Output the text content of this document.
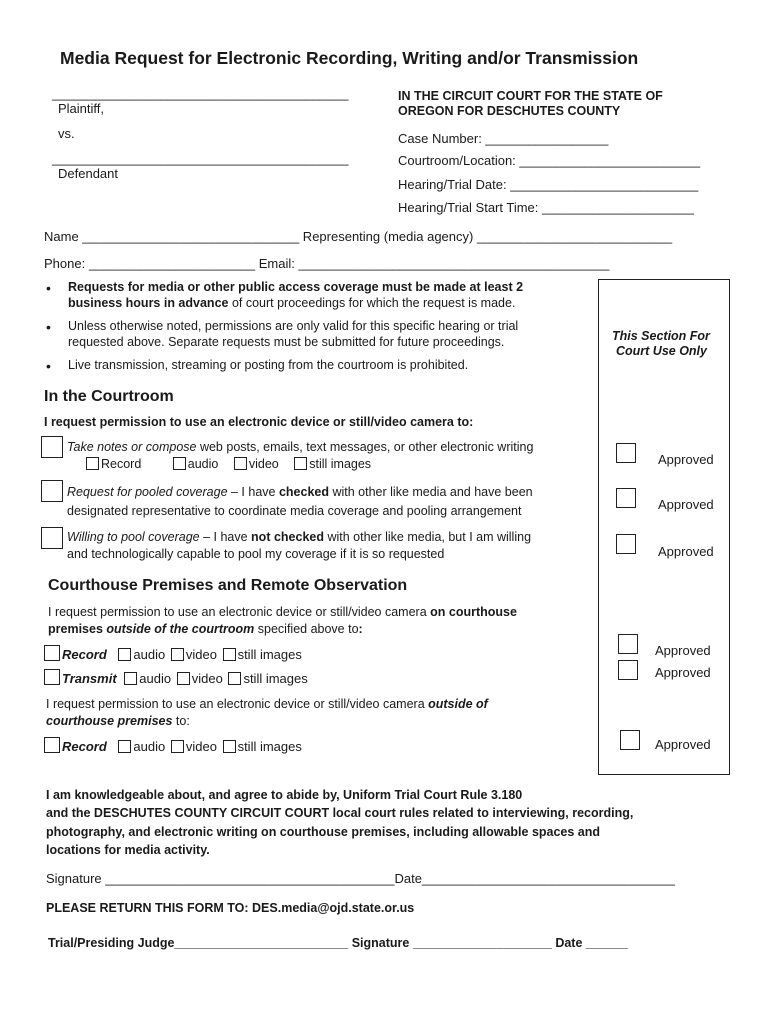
Media Request for Electronic Recording, Writing and/or Transmission
_________________________________________
Plaintiff,
vs.
_________________________________________
Defendant
IN THE CIRCUIT COURT FOR THE STATE OF
OREGON FOR DESCHUTES COUNTY
Case Number: _________________
Courtroom/Location: _________________________
Hearing/Trial Date: __________________________
Hearing/Trial Start Time: _____________________
Name ______________________________ Representing (media agency) ___________________________
Phone: _______________________ Email: ___________________________________________
• Requests for media or other public access coverage must be made at least 2
business hours in advance of court proceedings for which the request is made.
• Unless otherwise noted, permissions are only valid for this specific hearing or trial
requested above. Separate requests must be submitted for future proceedings.
• Live transmission, streaming or posting from the courtroom is prohibited.
This Section For
Court Use Only
In the Courtroom
I request permission to use an electronic device or still/video camera to:
Take notes or compose web posts, emails, text messages, or other electronic writing
Record	audio video still images	Approved
Request for pooled coverage – I have checked with other like media and have been
designated representative to coordinate media coverage and pooling arrangement	Approved
Willing to pool coverage – I have not checked with other like media, but I am willing
and technologically capable to pool my coverage if it is so requested	Approved
Courthouse Premises and Remote Observation
I request permission to use an electronic device or still/video camera on courthouse
premises outside of the courtroom specified above to:
Record audio video still images	Approved
Transmit audio video still images	Approved
I request permission to use an electronic device or still/video camera outside of
courthouse premises to:
Record audio video still images	Approved
I am knowledgeable about, and agree to abide by, Uniform Trial Court Rule 3.180
and the DESCHUTES COUNTY CIRCUIT COURT local court rules related to interviewing, recording,
photography, and electronic writing on courthouse premises, including allowable spaces and
locations for media activity.
Signature ________________________________________Date___________________________________
PLEASE RETURN THIS FORM TO: DES.media@ojd.state.or.us
Trial/Presiding Judge_________________________ Signature ____________________ Date ______
